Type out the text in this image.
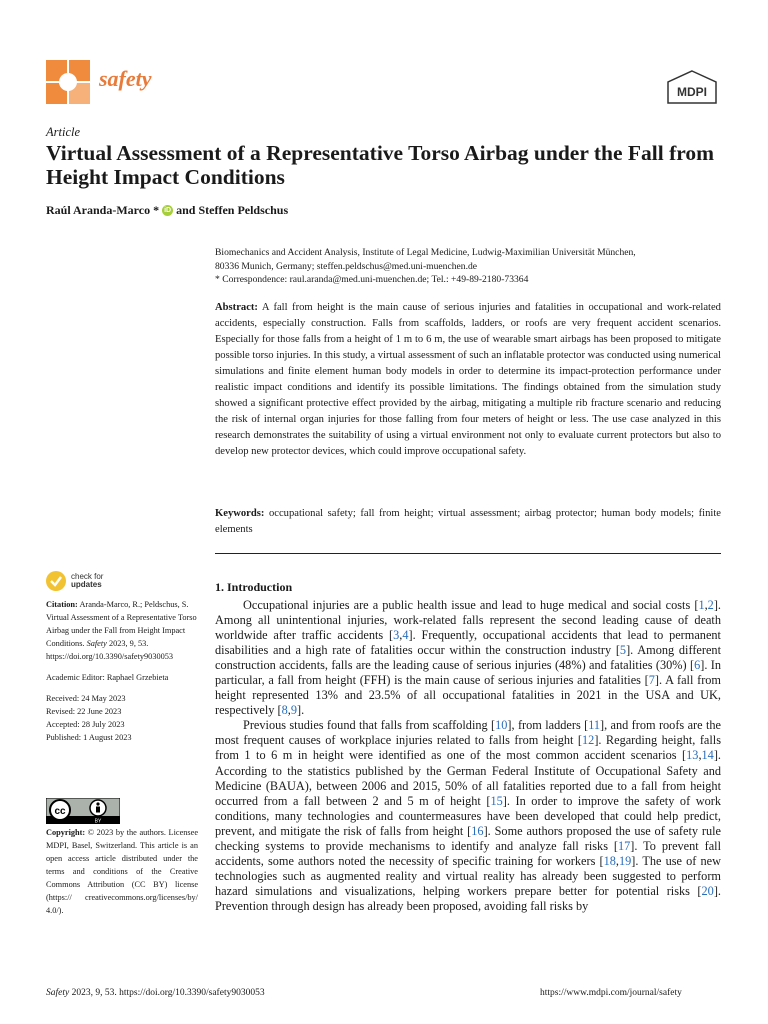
safety
MDPI
Article
Virtual Assessment of a Representative Torso Airbag under the Fall from Height Impact Conditions
Raúl Aranda-Marco * iD and Steffen Peldschus
Biomechanics and Accident Analysis, Institute of Legal Medicine, Ludwig-Maximilian Universität München,
80336 Munich, Germany; steffen.peldschus@med.uni-muenchen.de
* Correspondence: raul.aranda@med.uni-muenchen.de; Tel.: +49-89-2180-73364
Abstract: A fall from height is the main cause of serious injuries and fatalities in occupational and work-related accidents, especially construction. Falls from scaffolds, ladders, or roofs are very frequent accident scenarios. Especially for those falls from a height of 1 m to 6 m, the use of wearable smart airbags has been proposed to mitigate possible torso injuries. In this study, a virtual assessment of such an inflatable protector was conducted using numerical simulations and finite element human body models in order to determine its impact-protection performance under realistic impact conditions and identify its possible limitations. The findings obtained from the simulation study showed a significant protective effect provided by the airbag, mitigating a multiple rib fracture scenario and reducing the risk of internal organ injuries for those falling from four meters of height or less. The use case analyzed in this research demonstrates the suitability of using a virtual environment not only to evaluate current protectors but also to develop new protector devices, which could improve occupational safety.
Keywords: occupational safety; fall from height; virtual assessment; airbag protector; human body models; finite elements
check for
updates

Citation: Aranda-Marco, R.; Peldschus, S. Virtual Assessment of a Representative Torso Airbag under the Fall from Height Impact Conditions. Safety 2023, 9, 53. https://doi.org/10.3390/safety9030053

Academic Editor: Raphael Grzebieta

Received: 24 May 2023
Revised: 22 June 2023
Accepted: 28 July 2023
Published: 1 August 2023
cc
BY
Copyright: © 2023 by the authors. Licensee MDPI, Basel, Switzerland. This article is an open access article distributed under the terms and conditions of the Creative Commons Attribution (CC BY) license (https:// creativecommons.org/licenses/by/ 4.0/).
1. Introduction

Occupational injuries are a public health issue and lead to huge medical and social costs [1,2]. Among all unintentional injuries, work-related falls represent the second leading cause of death worldwide after traffic accidents [3,4]. Frequently, occupational accidents that lead to permanent disabilities and a high rate of fatalities occur within the construction industry [5]. Among different construction accidents, falls are the leading cause of serious injuries (48%) and fatalities (30%) [6]. In particular, a fall from height (FFH) is the main cause of serious injuries and fatalities [7]. A fall from height represented 13% and 23.5% of all occupational fatalities in 2021 in the USA and UK, respectively [8,9].

Previous studies found that falls from scaffolding [10], from ladders [11], and from roofs are the most frequent causes of workplace injuries related to falls from height [12]. Regarding height, falls from 1 to 6 m in height were identified as one of the most common accident scenarios [13,14]. According to the statistics published by the German Federal Institute of Occupational Safety and Medicine (BAUA), between 2006 and 2015, 50% of all fatalities reported due to a fall from height occurred from a fall between 2 and 5 m of height [15]. In order to improve the safety of work conditions, many technologies and countermeasures have been developed that could help predict, prevent, and mitigate the risk of falls from height [16]. Some authors proposed the use of safety rule checking systems to provide mechanisms to identify and analyze fall risks [17]. To prevent fall accidents, some authors noted the necessity of specific training for workers [18,19]. The use of new technologies such as augmented reality and virtual reality has already been suggested to perform hazard simulations and visualizations, helping workers prepare better for potential risks [20]. Prevention through design has already been proposed, avoiding fall risks by

Safety 2023, 9, 53. https://doi.org/10.3390/safety9030053	https://www.mdpi.com/journal/safety
